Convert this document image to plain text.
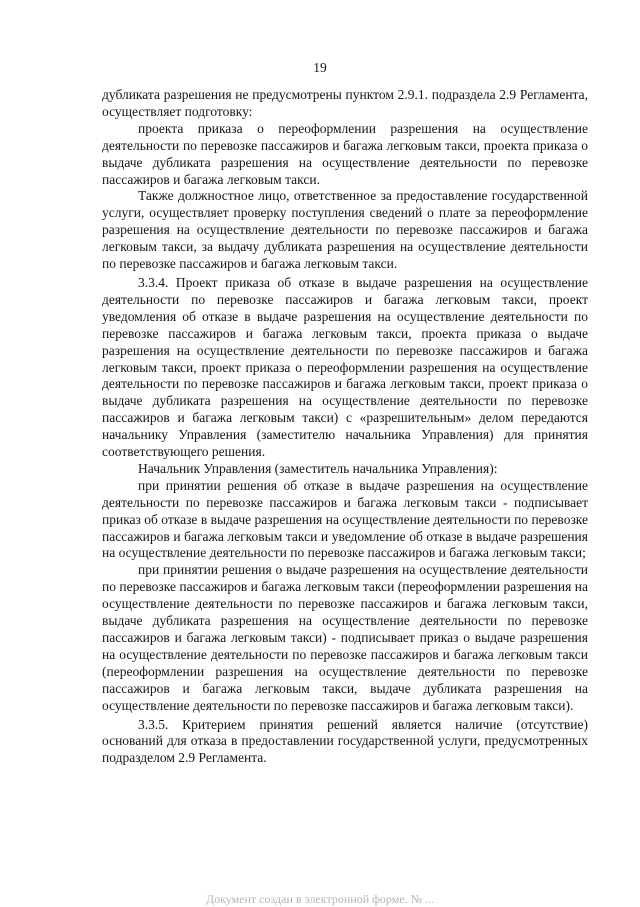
19

дубликата разрешения не предусмотрены пунктом 2.9.1. подраздела 2.9 Регламента, осуществляет подготовку:

проекта приказа о переоформлении разрешения на осуществление деятельности по перевозке пассажиров и багажа легковым такси, проекта приказа о выдаче дубликата разрешения на осуществление деятельности по перевозке пассажиров и багажа легковым такси.

Также должностное лицо, ответственное за предоставление государственной услуги, осуществляет проверку поступления сведений о плате за переоформление разрешения на осуществление деятельности по перевозке пассажиров и багажа легковым такси, за выдачу дубликата разрешения на осуществление деятельности по перевозке пассажиров и багажа легковым такси.

3.3.4. Проект приказа об отказе в выдаче разрешения на осуществление деятельности по перевозке пассажиров и багажа легковым такси, проект уведомления об отказе в выдаче разрешения на осуществление деятельности по перевозке пассажиров и багажа легковым такси, проекта приказа о выдаче разрешения на осуществление деятельности по перевозке пассажиров и багажа легковым такси, проект приказа о переоформлении разрешения на осуществление деятельности по перевозке пассажиров и багажа легковым такси, проект приказа о выдаче дубликата разрешения на осуществление деятельности по перевозке пассажиров и багажа легковым такси) с «разрешительным» делом передаются начальнику Управления (заместителю начальника Управления) для принятия соответствующего решения.

Начальник Управления (заместитель начальника Управления):

при принятии решения об отказе в выдаче разрешения на осуществление деятельности по перевозке пассажиров и багажа легковым такси - подписывает приказ об отказе в выдаче разрешения на осуществление деятельности по перевозке пассажиров и багажа легковым такси и уведомление об отказе в выдаче разрешения на осуществление деятельности по перевозке пассажиров и багажа легковым такси;

при принятии решения о выдаче разрешения на осуществление деятельности по перевозке пассажиров и багажа легковым такси (переоформлении разрешения на осуществление деятельности по перевозке пассажиров и багажа легковым такси, выдаче дубликата разрешения на осуществление деятельности по перевозке пассажиров и багажа легковым такси) - подписывает приказ о выдаче разрешения на осуществление деятельности по перевозке пассажиров и багажа легковым такси (переоформлении разрешения на осуществление деятельности по перевозке пассажиров и багажа легковым такси, выдаче дубликата разрешения на осуществление деятельности по перевозке пассажиров и багажа легковым такси).

3.3.5. Критерием принятия решений является наличие (отсутствие) оснований для отказа в предоставлении государственной услуги, предусмотренных подразделом 2.9 Регламента.

Документ создан в электронной форме. № ...
